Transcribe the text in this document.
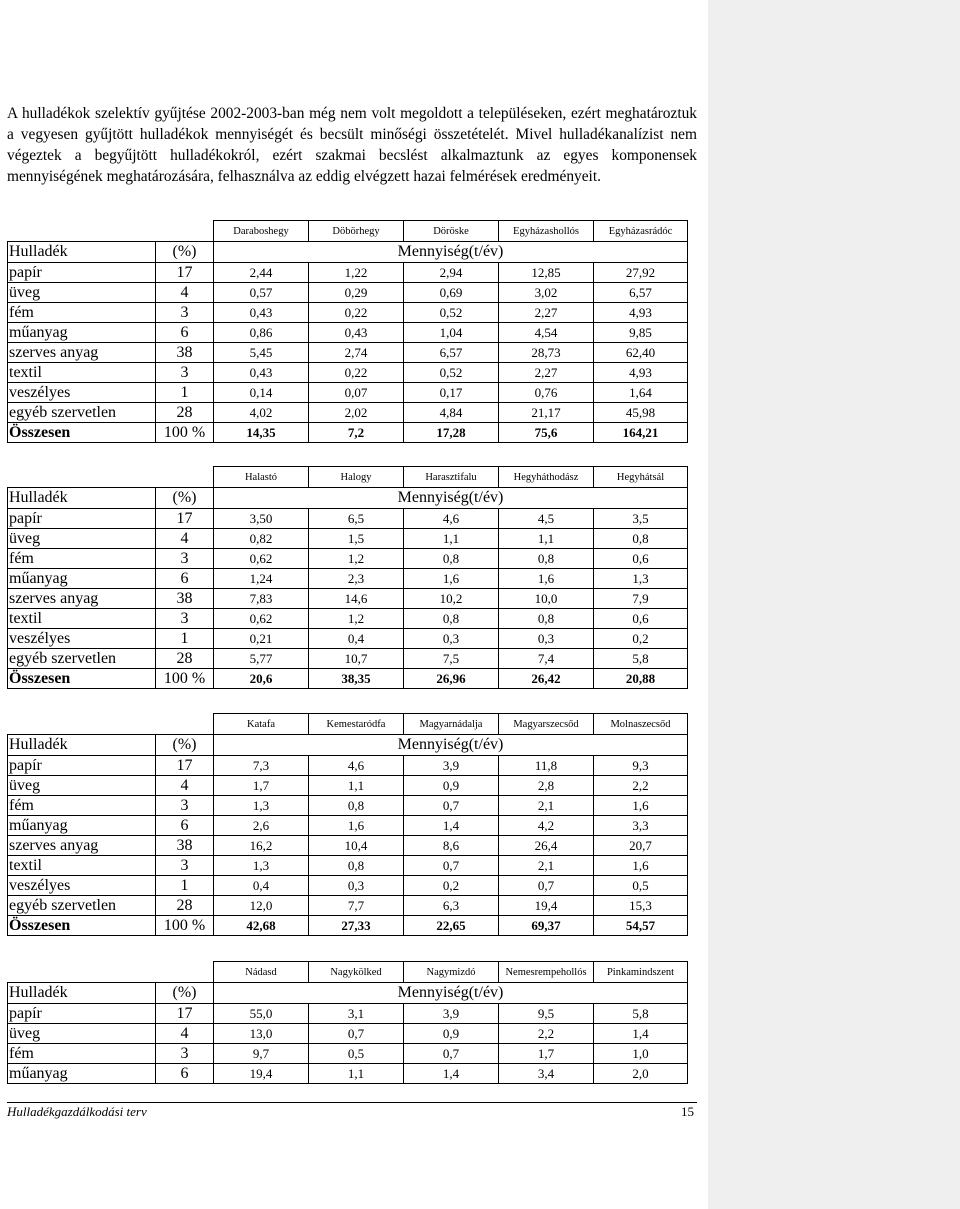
A hulladékok szelektív gyűjtése 2002-2003-ban még nem volt megoldott a településeken, ezért meghatároztuk a vegyesen gyűjtött hulladékok mennyiségét és becsült minőségi összetételét. Mivel hulladékanalízist nem végeztek a begyűjtött hulladékokról, ezért szakmai becslést alkalmaztunk az egyes komponensek mennyiségének meghatározására, felhasználva az eddig elvégzett hazai felmérések eredményeit.

		Daraboshegy	Döbörhegy	Döröske	Egyházashollós	Egyházasrádóc
Hulladék	(%)	Mennyiség(t/év)				
papír	17	2,44	1,22	2,94	12,85	27,92
üveg	4	0,57	0,29	0,69	3,02	6,57
fém	3	0,43	0,22	0,52	2,27	4,93
műanyag	6	0,86	0,43	1,04	4,54	9,85
szerves anyag	38	5,45	2,74	6,57	28,73	62,40
textil	3	0,43	0,22	0,52	2,27	4,93
veszélyes	1	0,14	0,07	0,17	0,76	1,64
egyéb szervetlen	28	4,02	2,02	4,84	21,17	45,98
Összesen	100 %	14,35	7,2	17,28	75,6	164,21
		Halastó	Halogy	Harasztifalu	Hegyháthodász	Hegyhátsál
Hulladék	(%)	Mennyiség(t/év)				
papír	17	3,50	6,5	4,6	4,5	3,5
üveg	4	0,82	1,5	1,1	1,1	0,8
fém	3	0,62	1,2	0,8	0,8	0,6
műanyag	6	1,24	2,3	1,6	1,6	1,3
szerves anyag	38	7,83	14,6	10,2	10,0	7,9
textil	3	0,62	1,2	0,8	0,8	0,6
veszélyes	1	0,21	0,4	0,3	0,3	0,2
egyéb szervetlen	28	5,77	10,7	7,5	7,4	5,8
Összesen	100 %	20,6	38,35	26,96	26,42	20,88
		Katafa	Kemestaródfa	Magyarnádalja	Magyarszecsőd	Molnaszecsőd
Hulladék	(%)	Mennyiség(t/év)				
papír	17	7,3	4,6	3,9	11,8	9,3
üveg	4	1,7	1,1	0,9	2,8	2,2
fém	3	1,3	0,8	0,7	2,1	1,6
műanyag	6	2,6	1,6	1,4	4,2	3,3
szerves anyag	38	16,2	10,4	8,6	26,4	20,7
textil	3	1,3	0,8	0,7	2,1	1,6
veszélyes	1	0,4	0,3	0,2	0,7	0,5
egyéb szervetlen	28	12,0	7,7	6,3	19,4	15,3
Összesen	100 %	42,68	27,33	22,65	69,37	54,57
		Nádasd	Nagykölked	Nagymizdó	Nemesrempehollós	Pinkamindszent
Hulladék	(%)	Mennyiség(t/év)				
papír	17	55,0	3,1	3,9	9,5	5,8
üveg	4	13,0	0,7	0,9	2,2	1,4
fém	3	9,7	0,5	0,7	1,7	1,0
műanyag	6	19,4	1,1	1,4	3,4	2,0
Hulladékgazdálkodási terv	15
